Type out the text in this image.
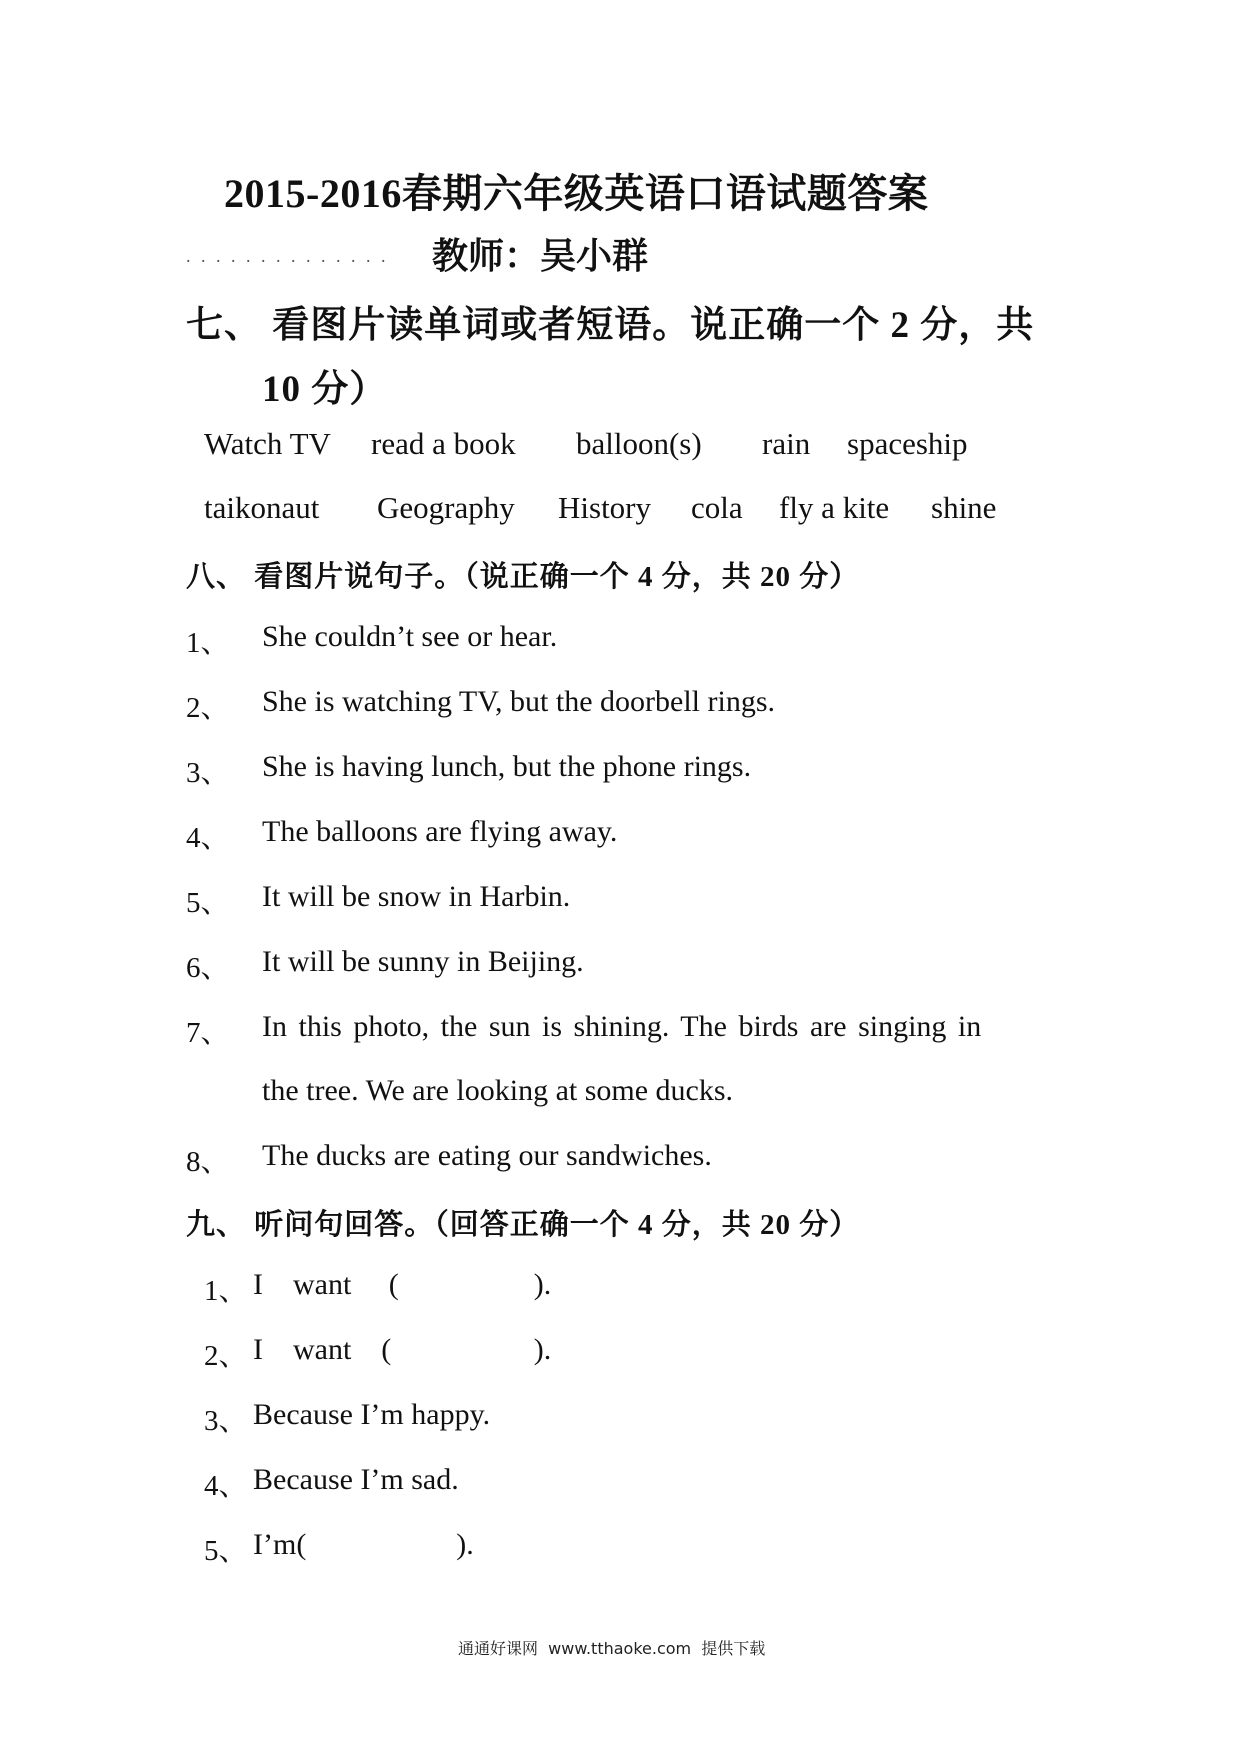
2015-2016春期六年级英语口语试题答案
. . . . . . . . . . . . . . 教师：吴小群
七、 看图片读单词或者短语。说正确一个 2 分，共
10 分）
Watch TV read a book balloon(s) rain spaceship
taikonaut Geography History cola fly a kite shine
八、 看图片说句子。（说正确一个 4 分，共 20 分）
1、 She couldn’t see or hear.
2、 She is watching TV, but the doorbell rings.
3、 She is having lunch, but the phone rings.
4、 The balloons are flying away.
5、 It will be snow in Harbin.
6、 It will be sunny in Beijing.
7、 In this photo, the sun is shining. The birds are singing in
the tree. We are looking at some ducks.
8、 The ducks are eating our sandwiches.
九、 听问句回答。（回答正确一个 4 分，共 20 分）
1、 I    want     (                  ).
2、 I    want    (                   ).
3、 Because I’m happy.
4、 Because I’m sad.
5、 I’m(                    ).
通通好课网  www.tthaoke.com  提供下载
